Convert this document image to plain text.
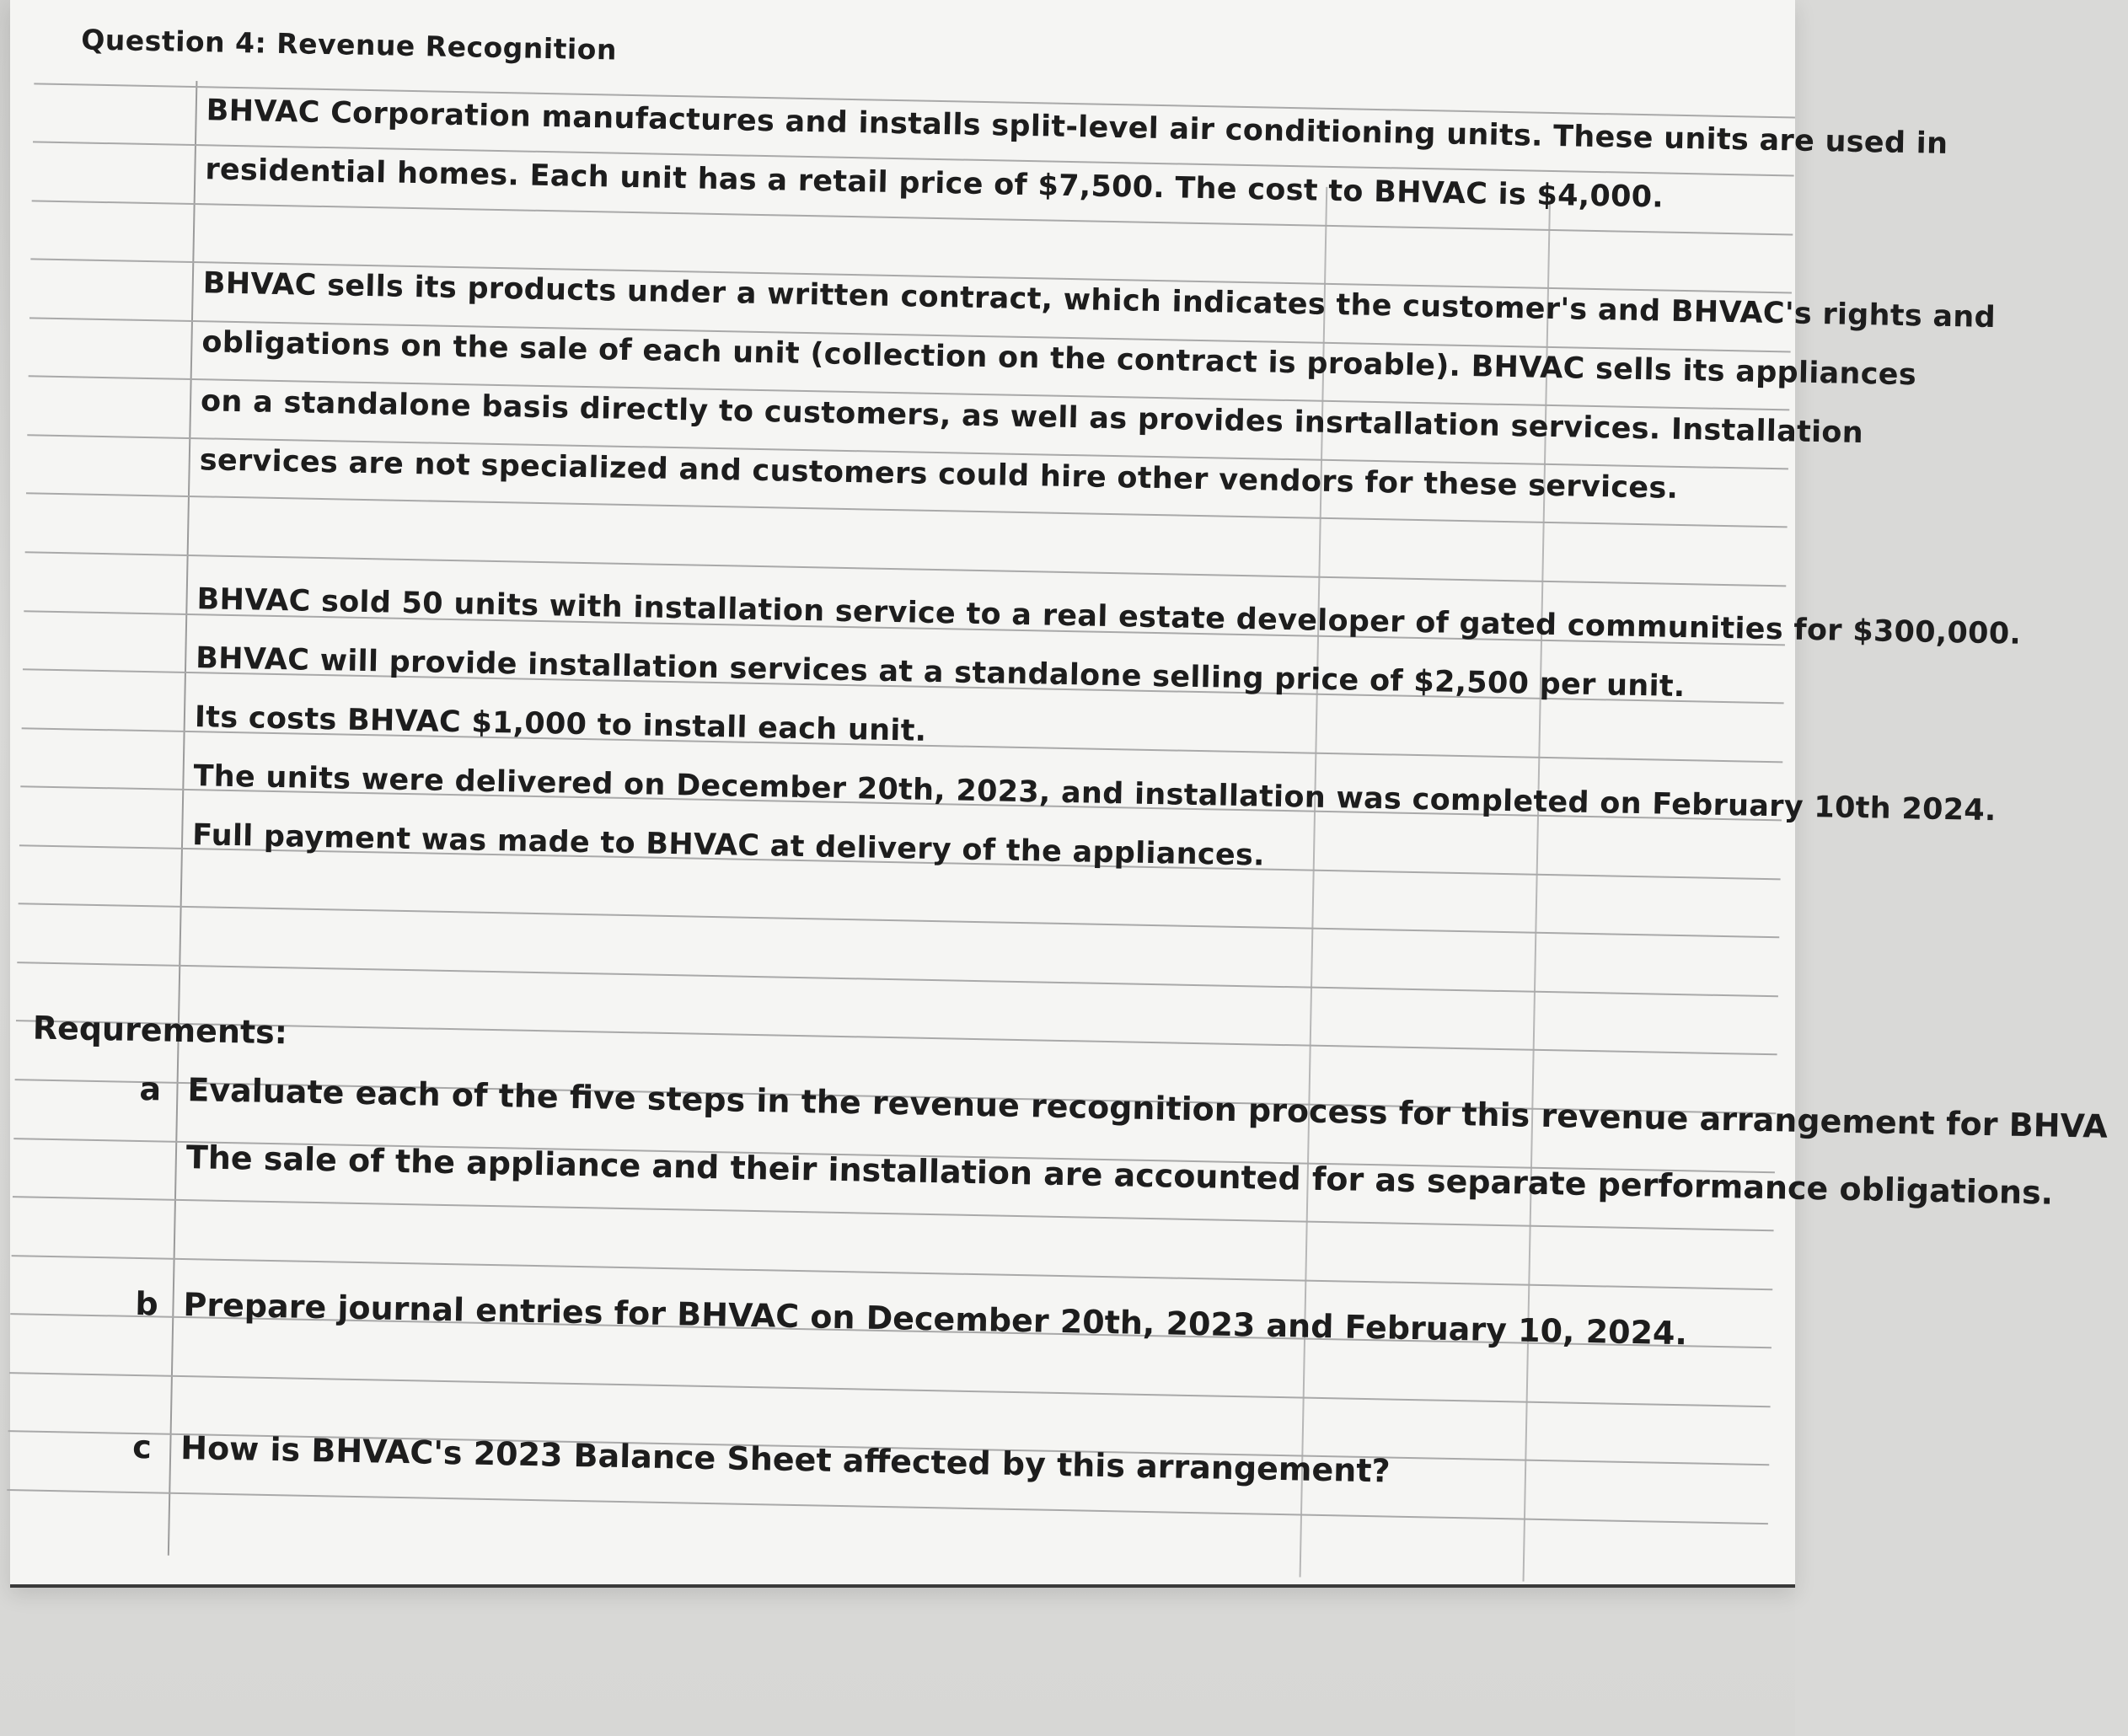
Question 4: Revenue Recognition
BHVAC Corporation manufactures and installs split-level air conditioning units. These units are used in
residential homes. Each unit has a retail price of $7,500. The cost to BHVAC is $4,000.
BHVAC sells its products under a written contract, which indicates the customer's and BHVAC's rights and
obligations on the sale of each unit (collection on the contract is proable). BHVAC sells its appliances
on a standalone basis directly to customers, as well as provides insrtallation services. Installation
services are not specialized and customers could hire other vendors for these services.
BHVAC sold 50 units with installation service to a real estate developer of gated communities for $300,000.
BHVAC will provide installation services at a standalone selling price of $2,500 per unit.
Its costs BHVAC $1,000 to install each unit.
The units were delivered on December 20th, 2023, and installation was completed on February 10th 2024.
Full payment was made to BHVAC at delivery of the appliances.
Requrements:
a Evaluate each of the five steps in the revenue recognition process for this revenue arrangement for BHVA
The sale of the appliance and their installation are accounted for as separate performance obligations.
b Prepare journal entries for BHVAC on December 20th, 2023 and February 10, 2024.
c How is BHVAC's 2023 Balance Sheet affected by this arrangement?
